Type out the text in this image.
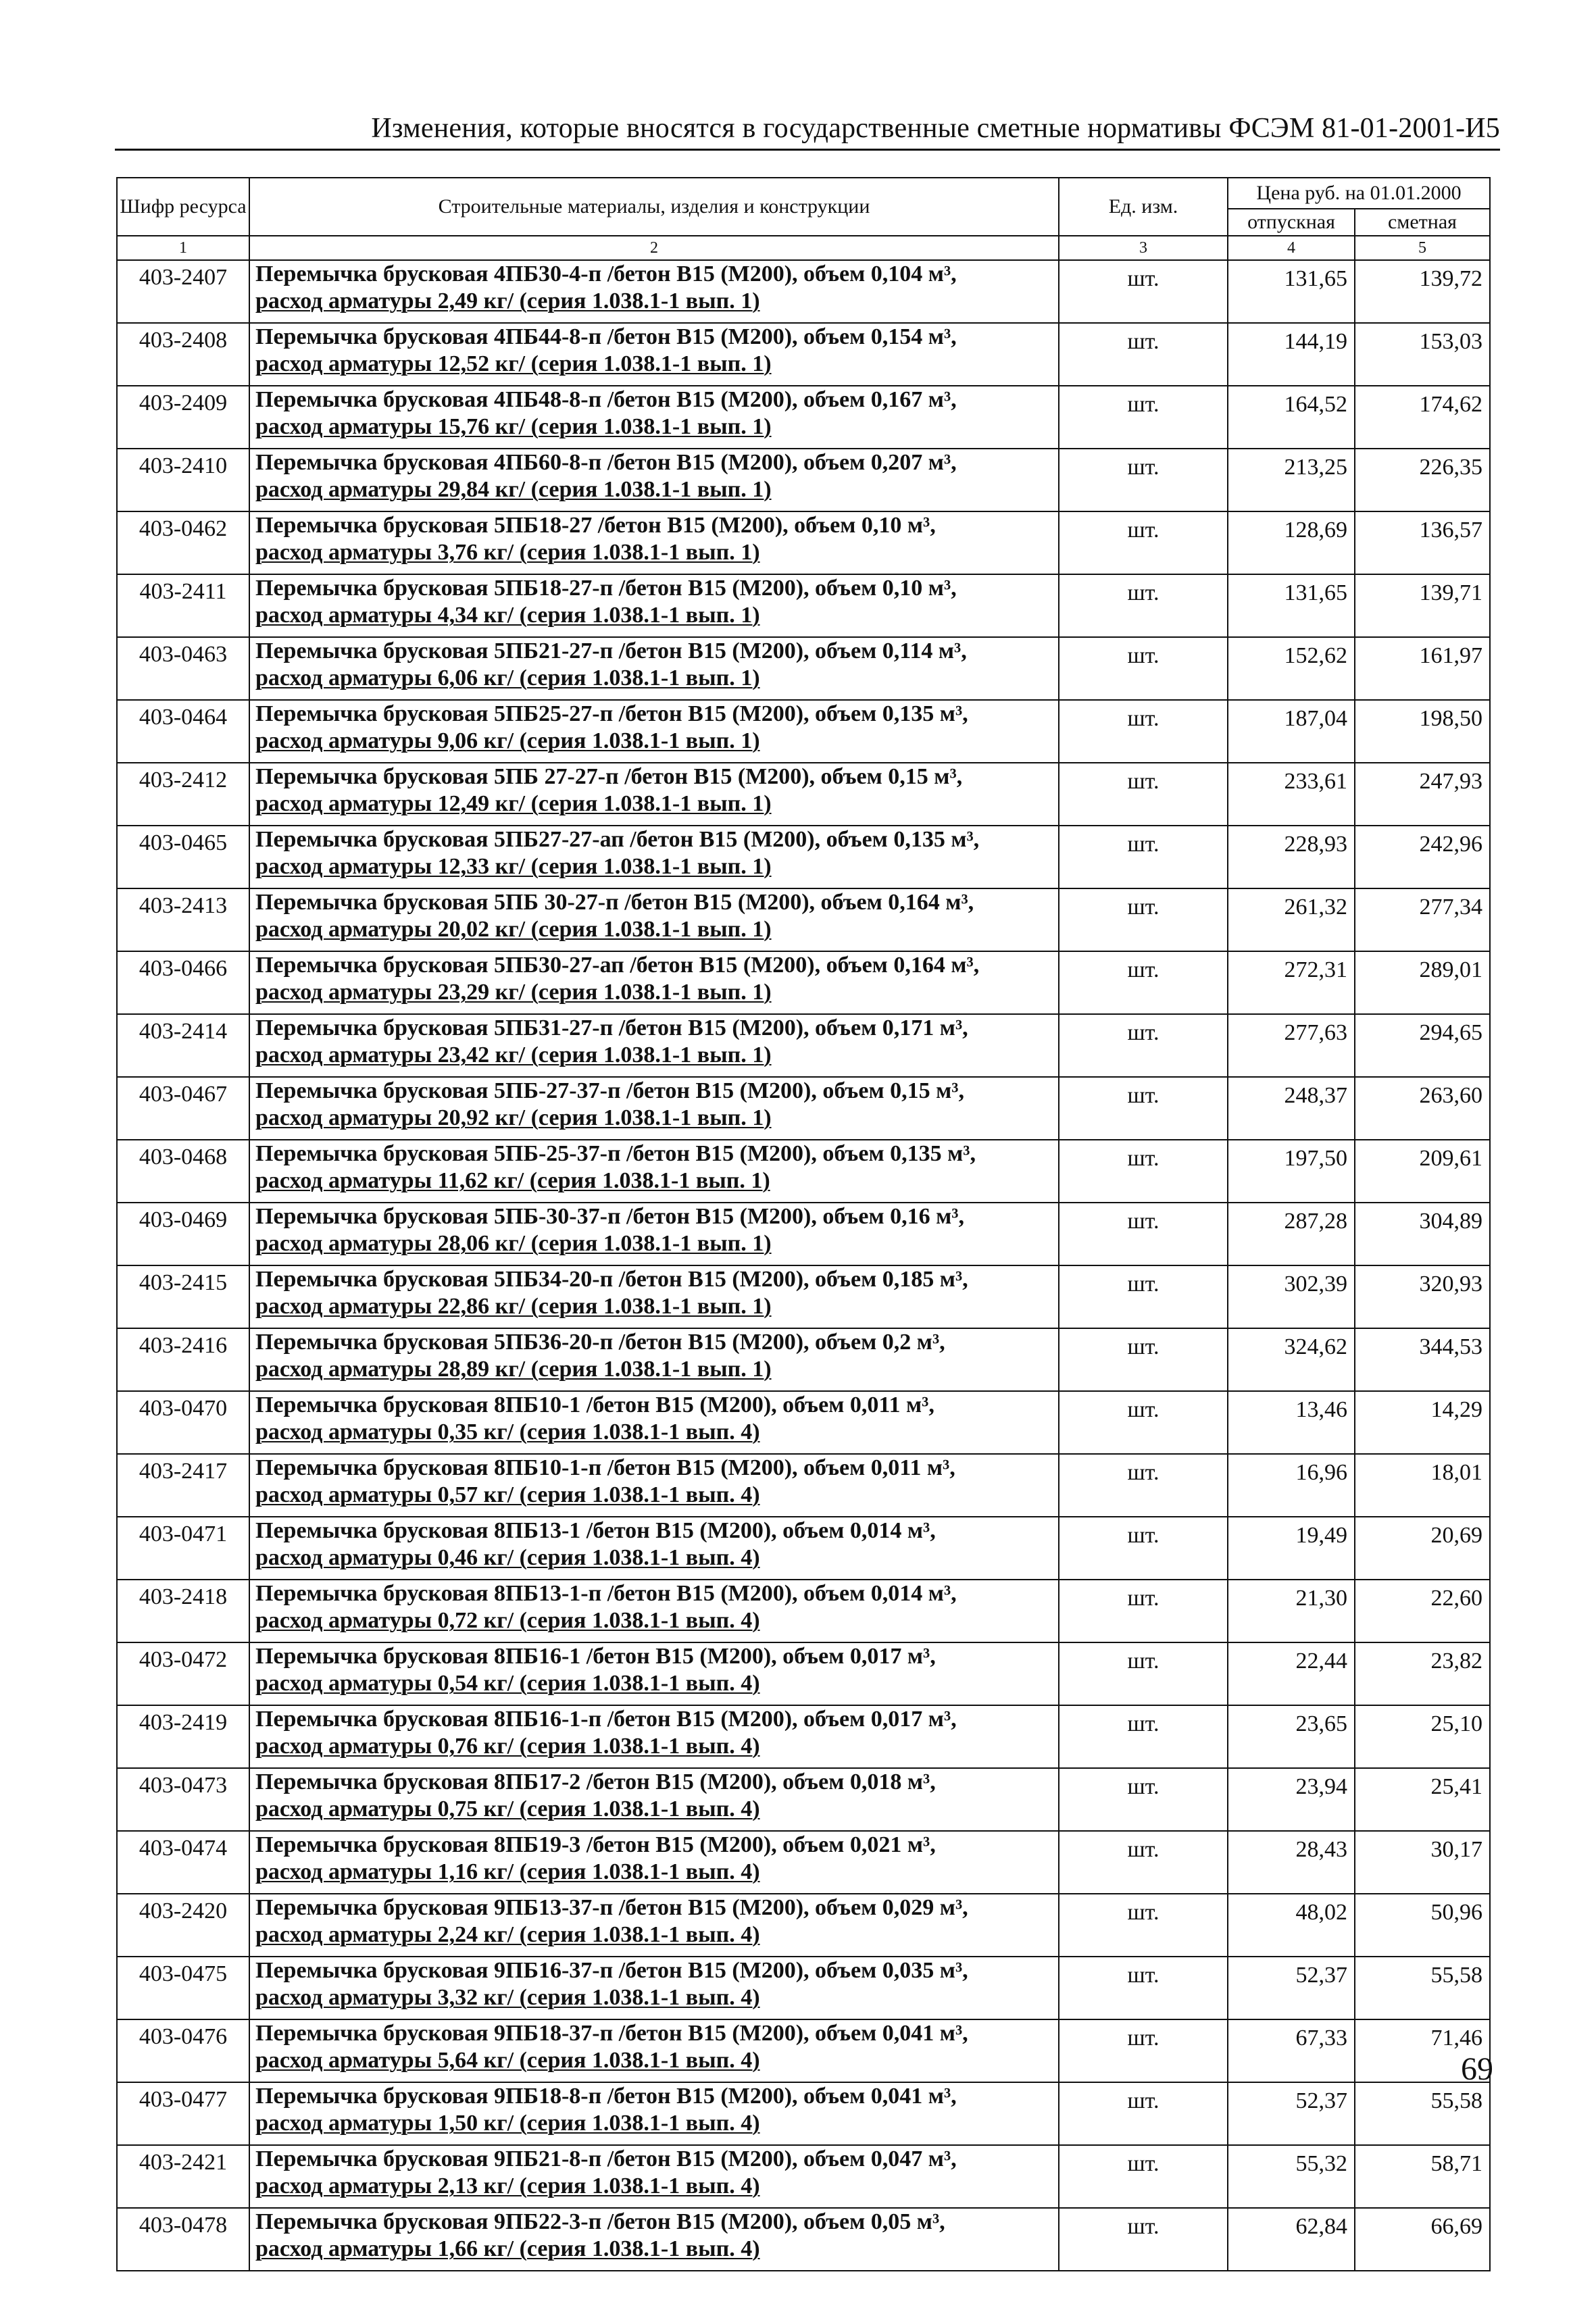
Изменения, которые вносятся в государственные сметные нормативы ФСЭМ 81-01-2001-И5
Шифр ресурса	Строительные материалы, изделия и конструкции	Ед. изм.	Цена руб. на 01.01.2000	
			отпускная	сметная
1	2	3	4	5
403-2407	Перемычка брусковая 4ПБ30-4-п /бетон В15 (М200), объем 0,104 м³,
расход арматуры 2,49 кг/ (серия 1.038.1-1 вып. 1)	шт.	131,65	139,72
403-2408	Перемычка брусковая 4ПБ44-8-п /бетон В15 (М200), объем 0,154 м³,
расход арматуры 12,52 кг/ (серия 1.038.1-1 вып. 1)	шт.	144,19	153,03
403-2409	Перемычка брусковая 4ПБ48-8-п /бетон В15 (М200), объем 0,167 м³,
расход арматуры 15,76 кг/ (серия 1.038.1-1 вып. 1)	шт.	164,52	174,62
403-2410	Перемычка брусковая 4ПБ60-8-п /бетон В15 (М200), объем 0,207 м³,
расход арматуры 29,84 кг/ (серия 1.038.1-1 вып. 1)	шт.	213,25	226,35
403-0462	Перемычка брусковая 5ПБ18-27 /бетон В15 (М200), объем 0,10 м³,
расход арматуры 3,76 кг/ (серия 1.038.1-1 вып. 1)	шт.	128,69	136,57
403-2411	Перемычка брусковая 5ПБ18-27-п /бетон В15 (М200), объем 0,10 м³,
расход арматуры 4,34 кг/ (серия 1.038.1-1 вып. 1)	шт.	131,65	139,71
403-0463	Перемычка брусковая 5ПБ21-27-п /бетон В15 (М200), объем 0,114 м³,
расход арматуры 6,06 кг/ (серия 1.038.1-1 вып. 1)	шт.	152,62	161,97
403-0464	Перемычка брусковая 5ПБ25-27-п /бетон В15 (М200), объем 0,135 м³,
расход арматуры 9,06 кг/ (серия 1.038.1-1 вып. 1)	шт.	187,04	198,50
403-2412	Перемычка брусковая 5ПБ 27-27-п /бетон В15 (М200), объем 0,15 м³,
расход арматуры 12,49 кг/ (серия 1.038.1-1 вып. 1)	шт.	233,61	247,93
403-0465	Перемычка брусковая 5ПБ27-27-ап /бетон В15 (М200), объем 0,135 м³,
расход арматуры 12,33 кг/ (серия 1.038.1-1 вып. 1)	шт.	228,93	242,96
403-2413	Перемычка брусковая 5ПБ 30-27-п /бетон В15 (М200), объем 0,164 м³,
расход арматуры 20,02 кг/ (серия 1.038.1-1 вып. 1)	шт.	261,32	277,34
403-0466	Перемычка брусковая 5ПБ30-27-ап /бетон В15 (М200), объем 0,164 м³,
расход арматуры 23,29 кг/ (серия 1.038.1-1 вып. 1)	шт.	272,31	289,01
403-2414	Перемычка брусковая 5ПБ31-27-п /бетон В15 (М200), объем 0,171 м³,
расход арматуры 23,42 кг/ (серия 1.038.1-1 вып. 1)	шт.	277,63	294,65
403-0467	Перемычка брусковая 5ПБ-27-37-п /бетон В15 (М200), объем 0,15 м³,
расход арматуры 20,92 кг/ (серия 1.038.1-1 вып. 1)	шт.	248,37	263,60
403-0468	Перемычка брусковая 5ПБ-25-37-п /бетон В15 (М200), объем 0,135 м³,
расход арматуры 11,62 кг/ (серия 1.038.1-1 вып. 1)	шт.	197,50	209,61
403-0469	Перемычка брусковая 5ПБ-30-37-п /бетон В15 (М200), объем 0,16 м³,
расход арматуры 28,06 кг/ (серия 1.038.1-1 вып. 1)	шт.	287,28	304,89
403-2415	Перемычка брусковая 5ПБ34-20-п /бетон В15 (М200), объем 0,185 м³,
расход арматуры 22,86 кг/ (серия 1.038.1-1 вып. 1)	шт.	302,39	320,93
403-2416	Перемычка брусковая 5ПБ36-20-п /бетон В15 (М200), объем 0,2 м³,
расход арматуры 28,89 кг/ (серия 1.038.1-1 вып. 1)	шт.	324,62	344,53
403-0470	Перемычка брусковая 8ПБ10-1 /бетон В15 (М200), объем 0,011 м³,
расход арматуры 0,35 кг/ (серия 1.038.1-1 вып. 4)	шт.	13,46	14,29
403-2417	Перемычка брусковая 8ПБ10-1-п /бетон В15 (М200), объем 0,011 м³,
расход арматуры 0,57 кг/ (серия 1.038.1-1 вып. 4)	шт.	16,96	18,01
403-0471	Перемычка брусковая 8ПБ13-1 /бетон В15 (М200), объем 0,014 м³,
расход арматуры 0,46 кг/ (серия 1.038.1-1 вып. 4)	шт.	19,49	20,69
403-2418	Перемычка брусковая 8ПБ13-1-п /бетон В15 (М200), объем 0,014 м³,
расход арматуры 0,72 кг/ (серия 1.038.1-1 вып. 4)	шт.	21,30	22,60
403-0472	Перемычка брусковая 8ПБ16-1 /бетон В15 (М200), объем 0,017 м³,
расход арматуры 0,54 кг/ (серия 1.038.1-1 вып. 4)	шт.	22,44	23,82
403-2419	Перемычка брусковая 8ПБ16-1-п /бетон В15 (М200), объем 0,017 м³,
расход арматуры 0,76 кг/ (серия 1.038.1-1 вып. 4)	шт.	23,65	25,10
403-0473	Перемычка брусковая 8ПБ17-2 /бетон В15 (М200), объем 0,018 м³,
расход арматуры 0,75 кг/ (серия 1.038.1-1 вып. 4)	шт.	23,94	25,41
403-0474	Перемычка брусковая 8ПБ19-3 /бетон В15 (М200), объем 0,021 м³,
расход арматуры 1,16 кг/ (серия 1.038.1-1 вып. 4)	шт.	28,43	30,17
403-2420	Перемычка брусковая 9ПБ13-37-п /бетон В15 (М200), объем 0,029 м³,
расход арматуры 2,24 кг/ (серия 1.038.1-1 вып. 4)	шт.	48,02	50,96
403-0475	Перемычка брусковая 9ПБ16-37-п /бетон В15 (М200), объем 0,035 м³,
расход арматуры 3,32 кг/ (серия 1.038.1-1 вып. 4)	шт.	52,37	55,58
403-0476	Перемычка брусковая 9ПБ18-37-п /бетон В15 (М200), объем 0,041 м³,
расход арматуры 5,64 кг/ (серия 1.038.1-1 вып. 4)	шт.	67,33	71,46
403-0477	Перемычка брусковая 9ПБ18-8-п /бетон В15 (М200), объем 0,041 м³,
расход арматуры 1,50 кг/ (серия 1.038.1-1 вып. 4)	шт.	52,37	55,58
403-2421	Перемычка брусковая 9ПБ21-8-п /бетон В15 (М200), объем 0,047 м³,
расход арматуры 2,13 кг/ (серия 1.038.1-1 вып. 4)	шт.	55,32	58,71
403-0478	Перемычка брусковая 9ПБ22-3-п /бетон В15 (М200), объем 0,05 м³,
расход арматуры 1,66 кг/ (серия 1.038.1-1 вып. 4)	шт.	62,84	66,69
69
